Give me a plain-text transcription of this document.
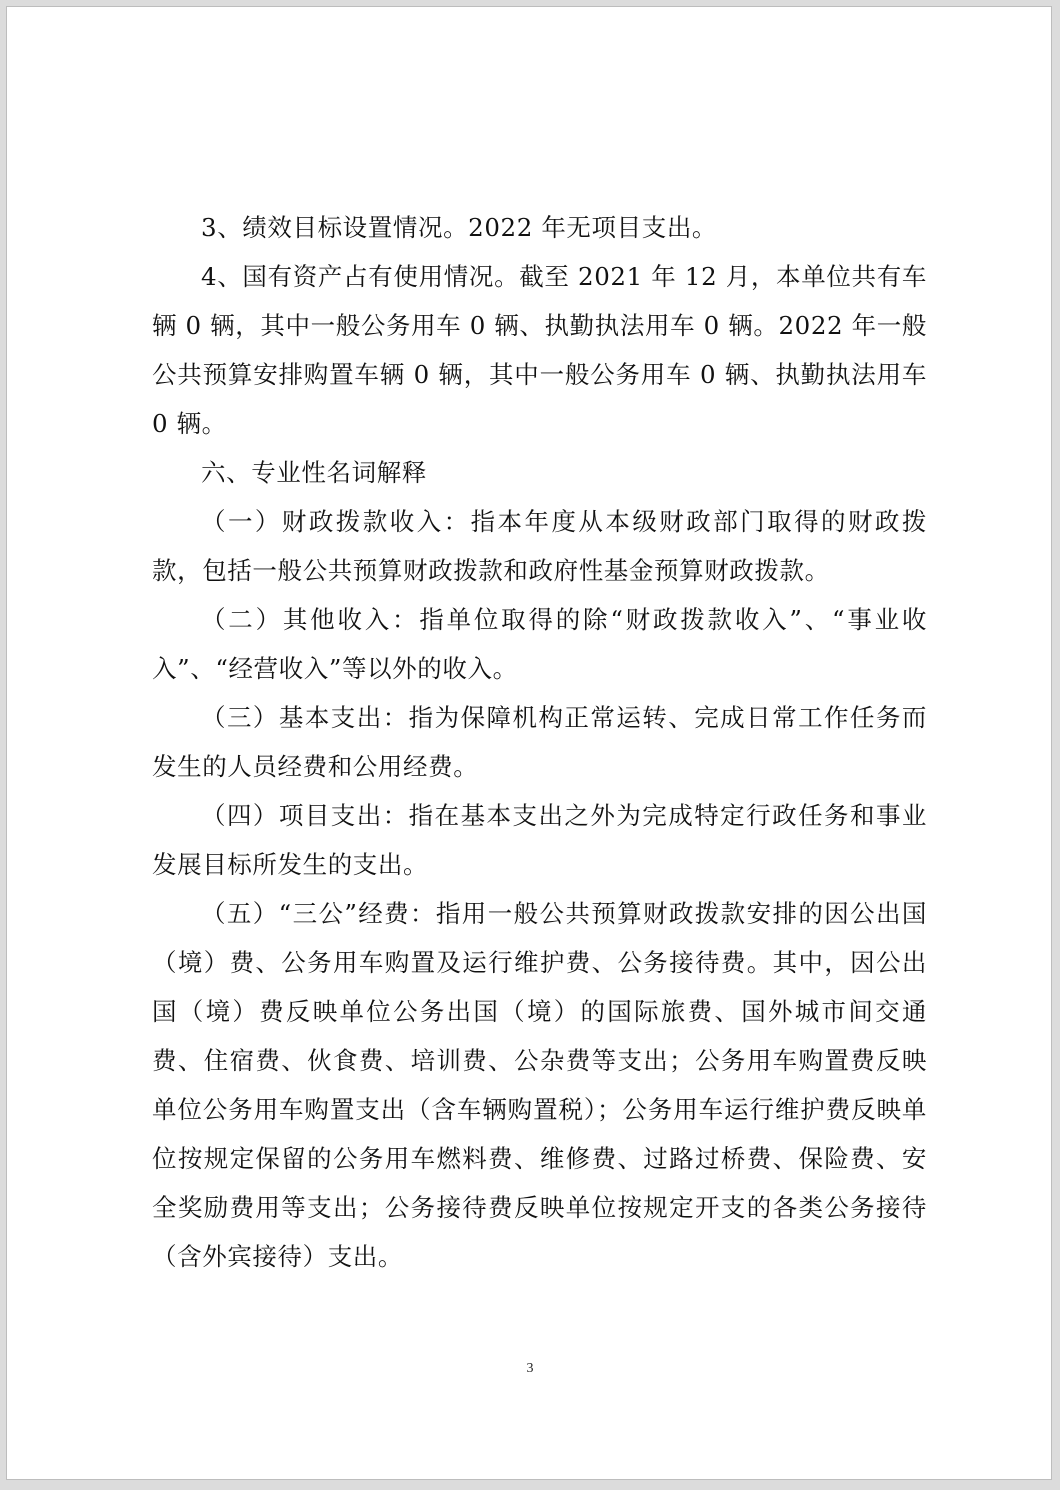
3、绩效目标设置情况。2022 年无项目支出。

4、国有资产占有使用情况。截至 2021 年 12 月，本单位共有车辆 0 辆，其中一般公务用车 0 辆、执勤执法用车 0 辆。2022 年一般公共预算安排购置车辆 0 辆，其中一般公务用车 0 辆、执勤执法用车 0 辆。

六、专业性名词解释

（一）财政拨款收入：指本年度从本级财政部门取得的财政拨款，包括一般公共预算财政拨款和政府性基金预算财政拨款。

（二）其他收入：指单位取得的除“财政拨款收入”、“事业收入”、“经营收入”等以外的收入。

（三）基本支出：指为保障机构正常运转、完成日常工作任务而发生的人员经费和公用经费。

（四）项目支出：指在基本支出之外为完成特定行政任务和事业发展目标所发生的支出。

（五）“三公”经费：指用一般公共预算财政拨款安排的因公出国（境）费、公务用车购置及运行维护费、公务接待费。其中，因公出国（境）费反映单位公务出国（境）的国际旅费、国外城市间交通费、住宿费、伙食费、培训费、公杂费等支出；公务用车购置费反映单位公务用车购置支出（含车辆购置税）；公务用车运行维护费反映单位按规定保留的公务用车燃料费、维修费、过路过桥费、保险费、安全奖励费用等支出；公务接待费反映单位按规定开支的各类公务接待（含外宾接待）支出。

3
